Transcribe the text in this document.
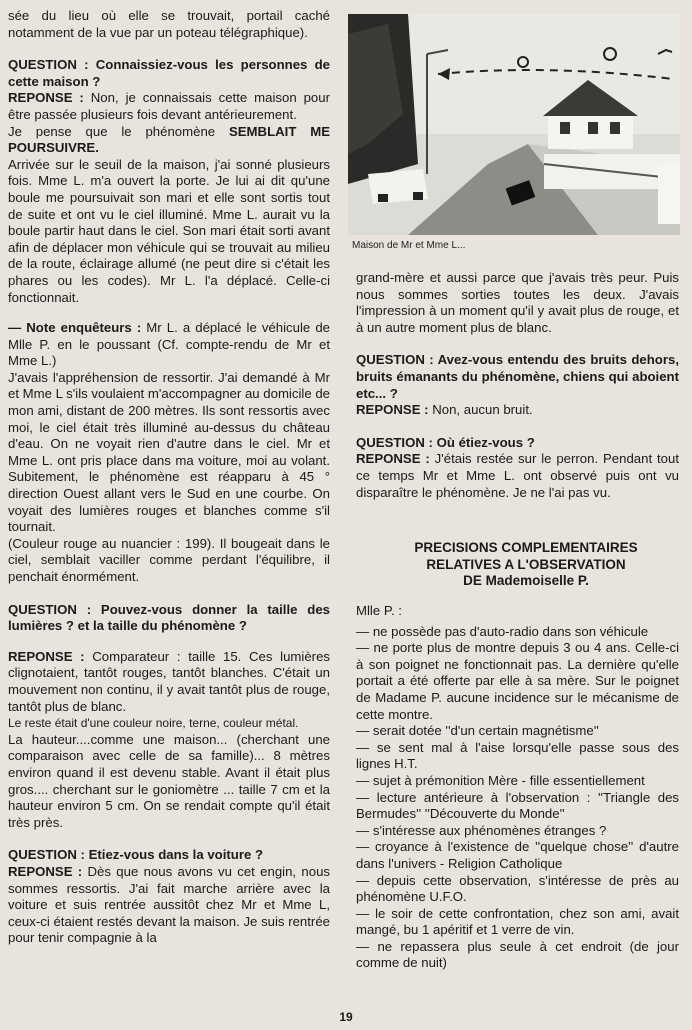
sée du lieu où elle se trouvait, portail caché notamment de la vue par un poteau télégraphique).

QUESTION : Connaissiez-vous les personnes de cette maison ?

REPONSE : Non, je connaissais cette maison pour être passée plusieurs fois devant antérieurement.

Je pense que le phénomène SEMBLAIT ME POURSUIVRE.

Arrivée sur le seuil de la maison, j'ai sonné plusieurs fois. Mme L. m'a ouvert la porte. Je lui ai dit qu'une boule me poursuivait son mari et elle sont sortis tout de suite et ont vu le ciel illuminé. Mme L. aurait vu la boule partir haut dans le ciel. Son mari était sorti avant afin de déplacer mon véhicule qui se trouvait au milieu de la route, éclairage allumé (ne peut dire si c'était les phares ou les codes). Mr L. l'a déplacé. Celle-ci fonctionnait.

— Note enquêteurs : Mr L. a déplacé le véhicule de Mlle P. en le poussant (Cf. compte-rendu de Mr et Mme L.)

J'avais l'appréhension de ressortir. J'ai demandé à Mr et Mme L s'ils voulaient m'accompagner au domicile de mon ami, distant de 200 mètres. Ils sont ressortis avec moi, le ciel était très illuminé au-dessus du château d'eau. On ne voyait rien d'autre dans le ciel. Mr et Mme L. ont pris place dans ma voiture, moi au volant. Subitement, le phénomène est réapparu à 45 ° direction Ouest allant vers le Sud en une courbe. On voyait des lumières rouges et blanches comme s'il tournait.

(Couleur rouge au nuancier : 199). Il bougeait dans le ciel, semblait vaciller comme perdant l'équilibre, il penchait énormément.

QUESTION : Pouvez-vous donner la taille des lumières ? et la taille du phénomène ?

REPONSE : Comparateur : taille 15. Ces lumières clignotaient, tantôt rouges, tantôt blanches. C'était un mouvement non continu, il y avait tantôt plus de rouge, tantôt plus de blanc.

Le reste était d'une couleur noire, terne, couleur métal.

La hauteur....comme une maison... (cherchant une comparaison avec celle de sa famille)... 8 mètres environ quand il est devenu stable. Avant il était plus gros.... cherchant sur le goniomètre ... taille 7 cm et la hauteur environ 5 cm. On se rendait compte qu'il était très près.

QUESTION : Etiez-vous dans la voiture ?

REPONSE : Dès que nous avons vu cet engin, nous sommes ressortis. J'ai fait marche arrière avec la voiture et suis rentrée aussitôt chez Mr et Mme L, ceux-ci étaient restés devant la maison. Je suis rentrée pour tenir compagnie à la

Maison de Mr et Mme L...

grand-mère et aussi parce que j'avais très peur. Puis nous sommes sorties toutes les deux. J'avais l'impression à un moment qu'il y avait plus de rouge, et à un autre moment plus de blanc.

QUESTION : Avez-vous entendu des bruits dehors, bruits émanants du phénomène, chiens qui aboient etc... ?

REPONSE : Non, aucun bruit.

QUESTION : Où étiez-vous ?

REPONSE : J'étais restée sur le perron. Pendant tout ce temps Mr et Mme L. ont observé puis ont vu disparaître le phénomène. Je ne l'ai pas vu.

PRECISIONS COMPLEMENTAIRES
RELATIVES A L'OBSERVATION
DE Mademoiselle P.

Mlle P. :

— ne possède pas d'auto-radio dans son véhicule

— ne porte plus de montre depuis 3 ou 4 ans. Celle-ci à son poignet ne fonctionnait pas. La dernière qu'elle portait a été offerte par elle à sa mère. Sur le poignet de Madame P. aucune incidence sur le mécanisme de cette montre.

— serait dotée ''d'un certain magnétisme''

— se sent mal à l'aise lorsqu'elle passe sous des lignes H.T.

— sujet à prémonition Mère - fille essentiellement

— lecture antérieure à l'observation : ''Triangle des Bermudes'' ''Découverte du Monde''

— s'intéresse aux phénomènes étranges ?

— croyance à l'existence de ''quelque chose'' d'autre dans l'univers - Religion Catholique

— depuis cette observation, s'intéresse de près au phénomène U.F.O.

— le soir de cette confrontation, chez son ami, avait mangé, bu 1 apéritif et 1 verre de vin.

— ne repassera plus seule à cet endroit (de jour comme de nuit)

19
